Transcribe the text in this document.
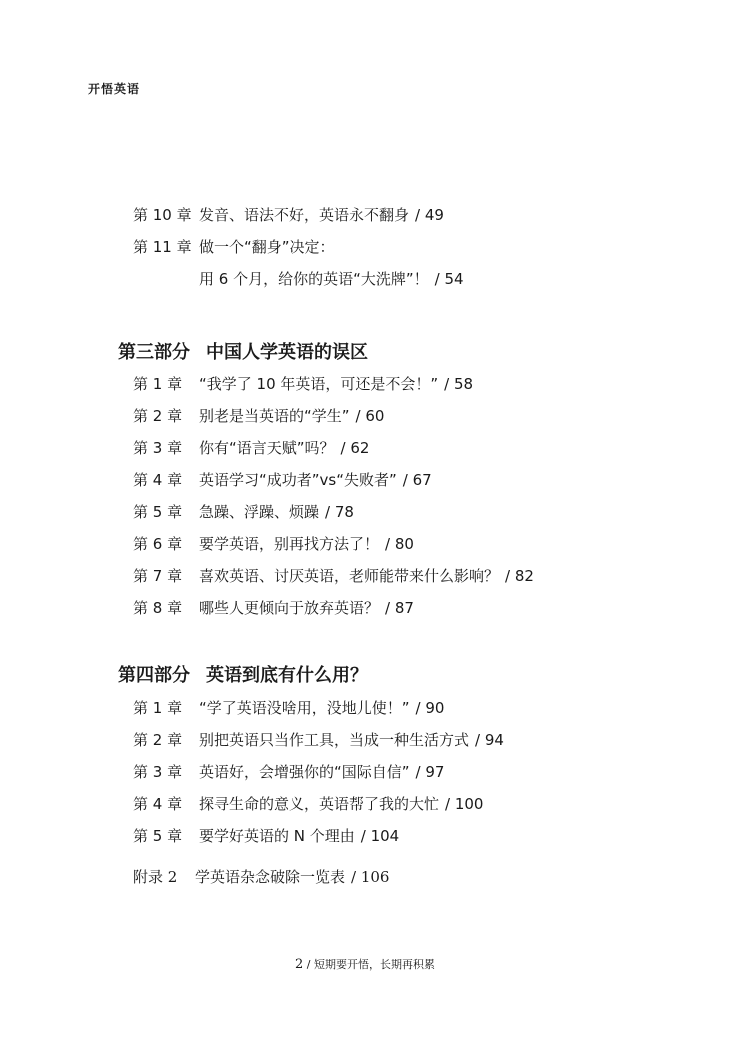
开悟英语
第 10 章 发音、语法不好，英语永不翻身 / 49
第 11 章 做一个“翻身”决定：
用 6 个月，给你的英语“大洗牌”！ / 54
第三部分 中国人学英语的误区
第 1 章 “我学了 10 年英语，可还是不会！” / 58
第 2 章 别老是当英语的“学生” / 60
第 3 章 你有“语言天赋”吗？ / 62
第 4 章 英语学习“成功者”vs“失败者” / 67
第 5 章 急躁、浮躁、烦躁 / 78
第 6 章 要学英语，别再找方法了！ / 80
第 7 章 喜欢英语、讨厌英语，老师能带来什么影响？ / 82
第 8 章 哪些人更倾向于放弃英语？ / 87
第四部分 英语到底有什么用？
第 1 章 “学了英语没啥用，没地儿使！” / 90
第 2 章 别把英语只当作工具，当成一种生活方式 / 94
第 3 章 英语好，会增强你的“国际自信” / 97
第 4 章 探寻生命的意义，英语帮了我的大忙 / 100
第 5 章 要学好英语的 N 个理由 / 104
附录 2 学英语杂念破除一览表 / 106
2 / 短期要开悟，长期再积累
